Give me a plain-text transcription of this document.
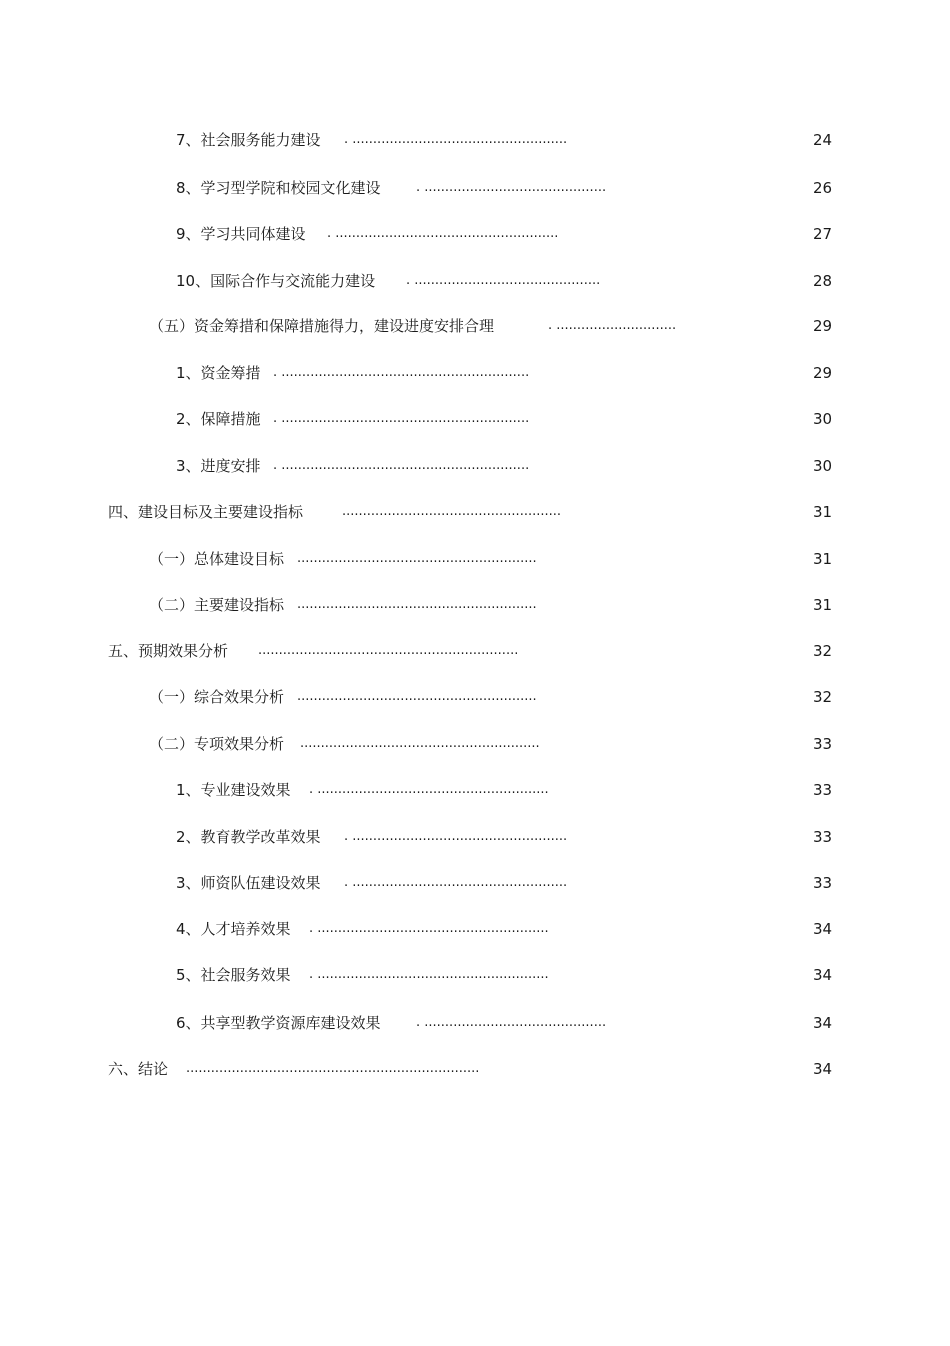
7、社会服务能力建设 . ....................................................	24
8、学习型学院和校园文化建设	. ............................................	26
9、学习共同体建设 . ......................................................	27
10、国际合作与交流能力建设 . .............................................	28
（五）资金筹措和保障措施得力，建设进度安排合理	. .............................	29
1、资金筹措 . ............................................................	29
2、保障措施 . ............................................................	30
3、进度安排 . ............................................................	30
四、建设目标及主要建设指标	.....................................................	31
（一）总体建设目标 ..........................................................	31
（二）主要建设指标 ..........................................................	31
五、预期效果分析 ...............................................................	32
（一）综合效果分析 ..........................................................	32
（二）专项效果分析 ..........................................................	33
1、专业建设效果 . ........................................................	33
2、教育教学改革效果 . ....................................................	33
3、师资队伍建设效果 . ....................................................	33
4、人才培养效果 . ........................................................	34
5、社会服务效果 . ........................................................	34
6、共享型教学资源库建设效果	. ............................................	34
六、结论 .......................................................................	34
